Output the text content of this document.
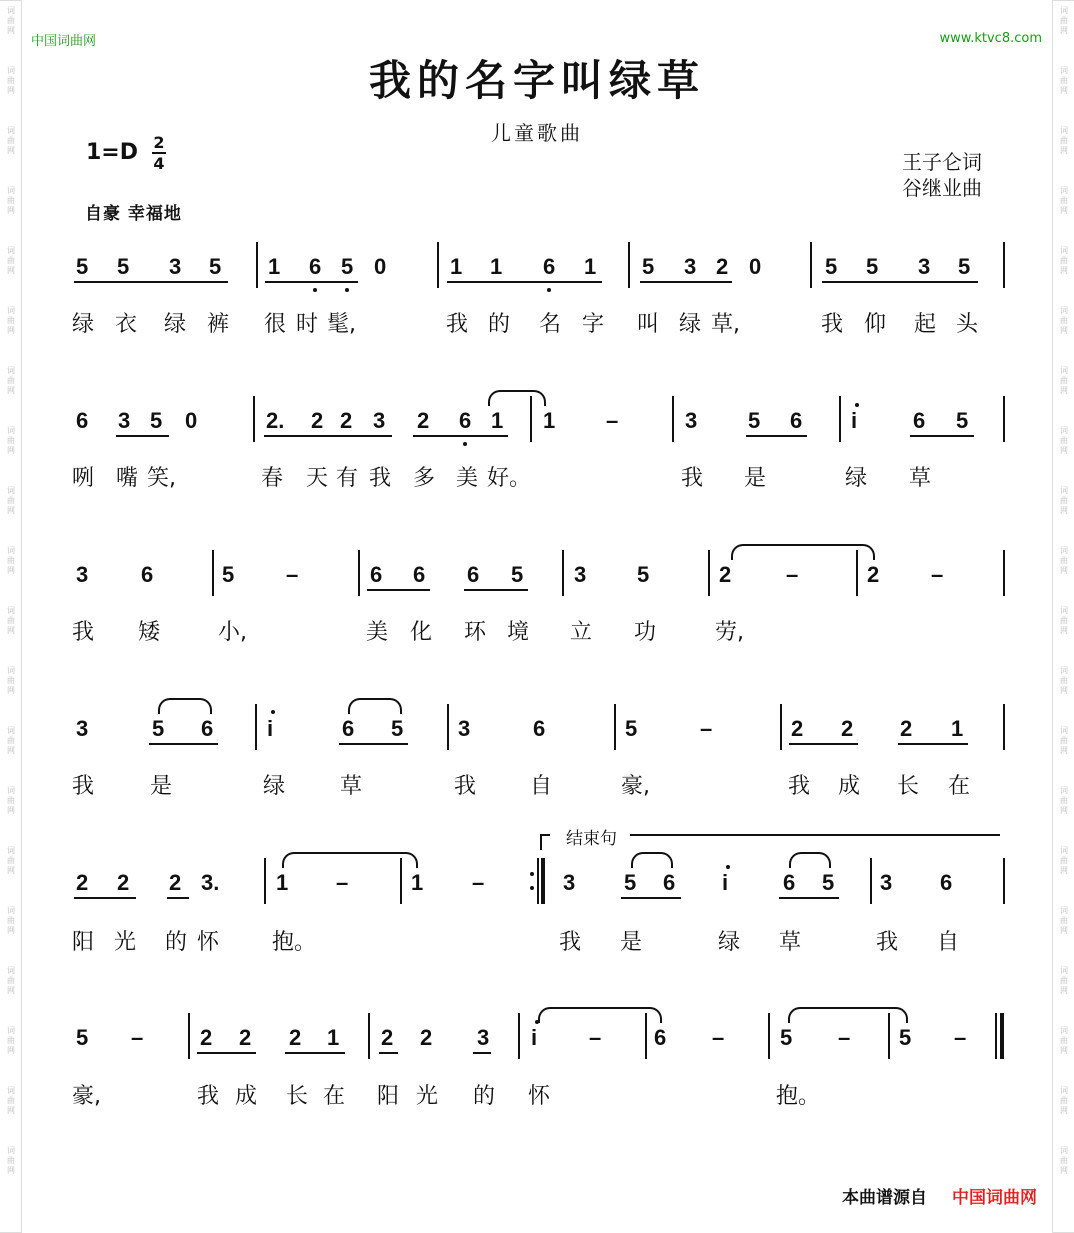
词
曲
网
词
曲
网
词
曲
网
词
曲
网
词
曲
网
词
曲
网
词
曲
网
词
曲
网
词
曲
网
词
曲
网
词
曲
网
词
曲
网
词
曲
网
词
曲
网
词
曲
网
词
曲
网
词
曲
网
词
曲
网
词
曲
网
词
曲
网
词
曲
网
词
曲
网
词
曲
网
词
曲
网
词
曲
网
词
曲
网
词
曲
网
词
曲
网
词
曲
网
词
曲
网
词
曲
网
词
曲
网
词
曲
网
词
曲
网
词
曲
网
词
曲
网
词
曲
网
词
曲
网
词
曲
网
词
曲
网
中国词曲网	www.ktvc8.com
我的名字叫绿草
儿童歌曲
1=D 2
4	王子仑词
谷继业曲
自豪 幸福地
5 5 3 5 1 6 5 0	1 1 6 1 5 3 2 0	5 5 3 5
绿 衣 绿 裤 很 时 髦,	我 的 名 字 叫 绿 草,	我 仰 起 头
6 3 5 0	2. 2 2 3 2 6 1 1 –	3 5 6 i	6 5
咧 嘴 笑,	春 天 有 我 多 美 好。	我 是	绿 草
3 6	5 –	6 6 6 5 3 5	2 –	2 –
我 矮	小,	美 化 环 境 立 功	劳,
3	5 6 i	6 5 3	6	5	–	2 2 2 1
我	是	绿 草	我 自	豪,	我 成 长 在
2 2 2 3.	1 –	1 –	3 5 6 i 6 5 3 6
阳 光 的 怀 抱。	我 是	绿 草	我 自
5 –	2 2 2 1 2 2 3 i – 6 –	5 – 5 –
豪,	我 成 长 在 阳 光 的 怀	抱。
结束句
本曲谱源自 中国词曲网
